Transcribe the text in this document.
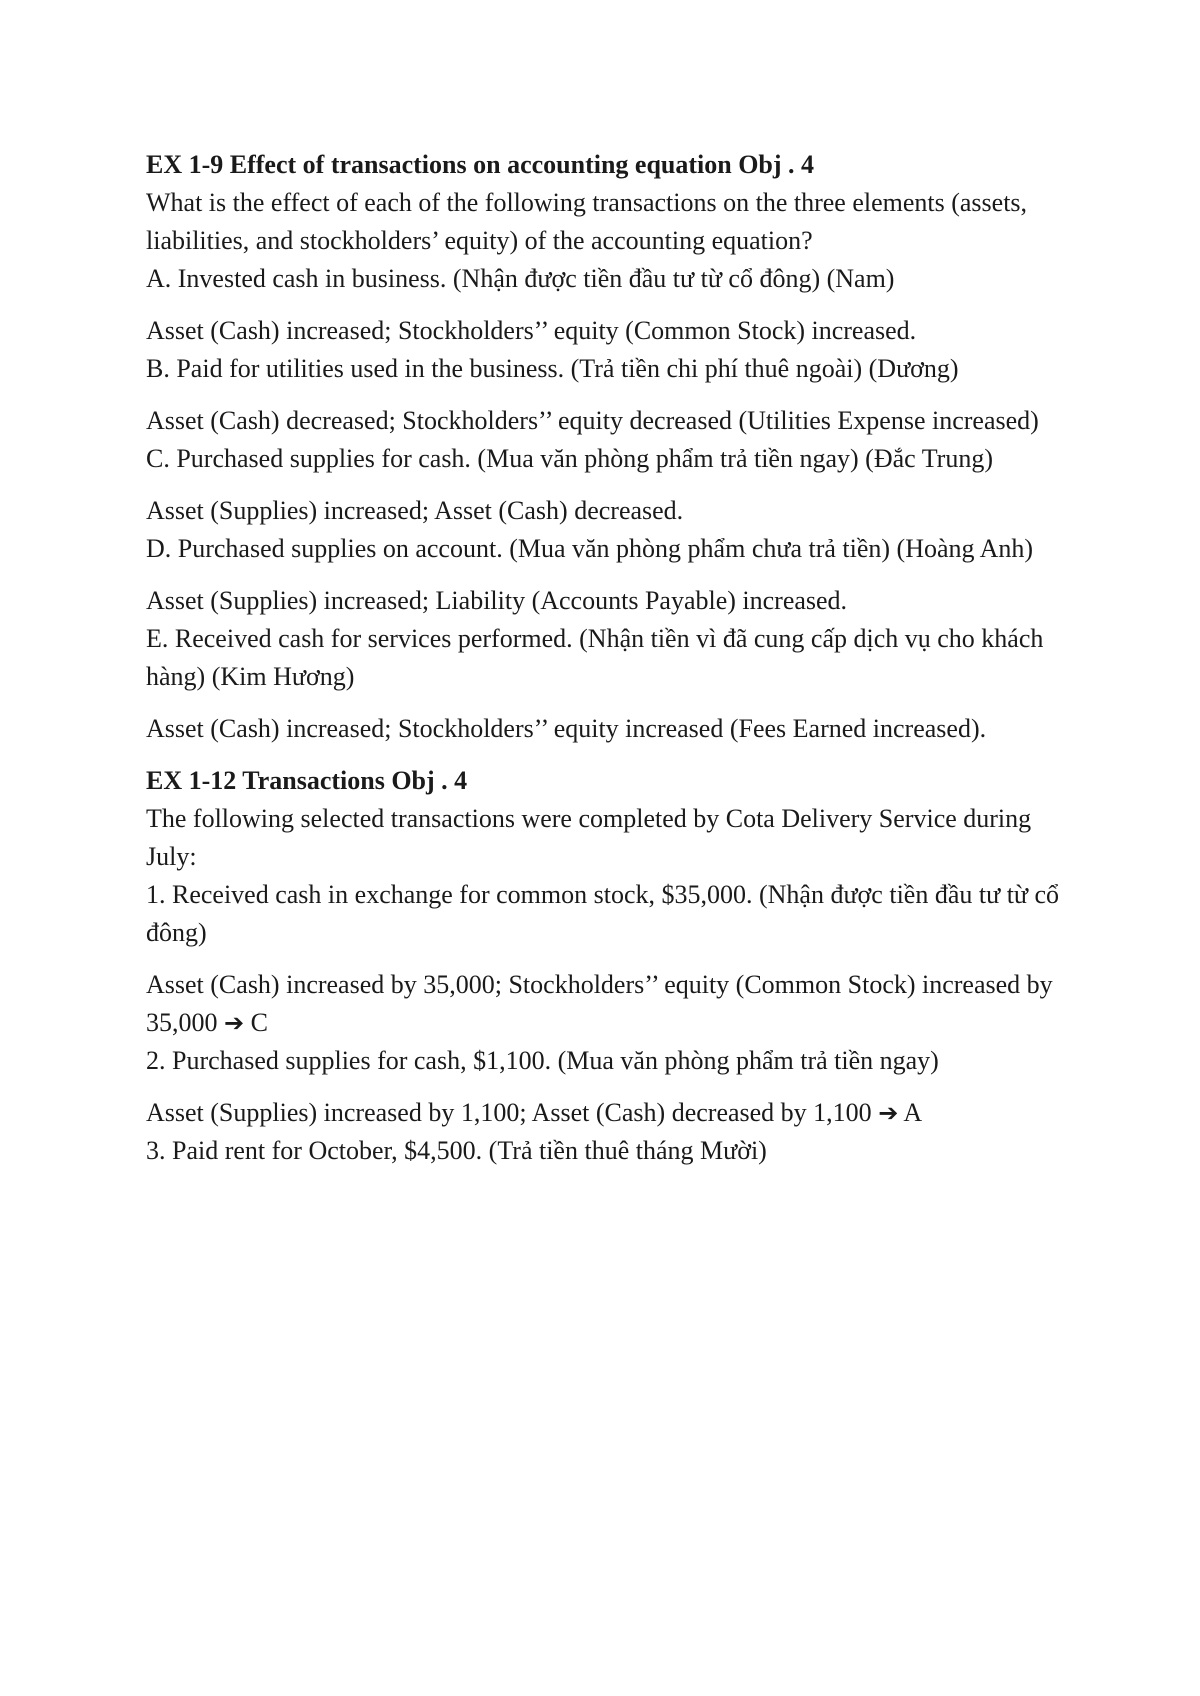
EX 1-9 Effect of transactions on accounting equation Obj . 4

What is the effect of each of the following transactions on the three elements (assets, liabilities, and stockholders’ equity) of the accounting equation?

A. Invested cash in business. (Nhận được tiền đầu tư từ cổ đông) (Nam)

Asset (Cash) increased; Stockholders’’ equity (Common Stock) increased.

B. Paid for utilities used in the business. (Trả tiền chi phí thuê ngoài) (Dương)

Asset (Cash) decreased; Stockholders’’ equity decreased (Utilities Expense increased)

C. Purchased supplies for cash. (Mua văn phòng phẩm trả tiền ngay) (Đắc Trung)

Asset (Supplies) increased; Asset (Cash) decreased.

D. Purchased supplies on account. (Mua văn phòng phẩm chưa trả tiền) (Hoàng Anh)

Asset (Supplies) increased; Liability (Accounts Payable) increased.

E. Received cash for services performed. (Nhận tiền vì đã cung cấp dịch vụ cho khách hàng) (Kim Hương)

Asset (Cash) increased; Stockholders’’ equity increased (Fees Earned increased).

EX 1-12 Transactions Obj . 4

The following selected transactions were completed by Cota Delivery Service during July:

1. Received cash in exchange for common stock, $35,000. (Nhận được tiền đầu tư từ cổ đông)

Asset (Cash) increased by 35,000; Stockholders’’ equity (Common Stock) increased by 35,000 ➔ C

2. Purchased supplies for cash, $1,100. (Mua văn phòng phẩm trả tiền ngay)

Asset (Supplies) increased by 1,100; Asset (Cash) decreased by 1,100 ➔ A

3. Paid rent for October, $4,500. (Trả tiền thuê tháng Mười)
